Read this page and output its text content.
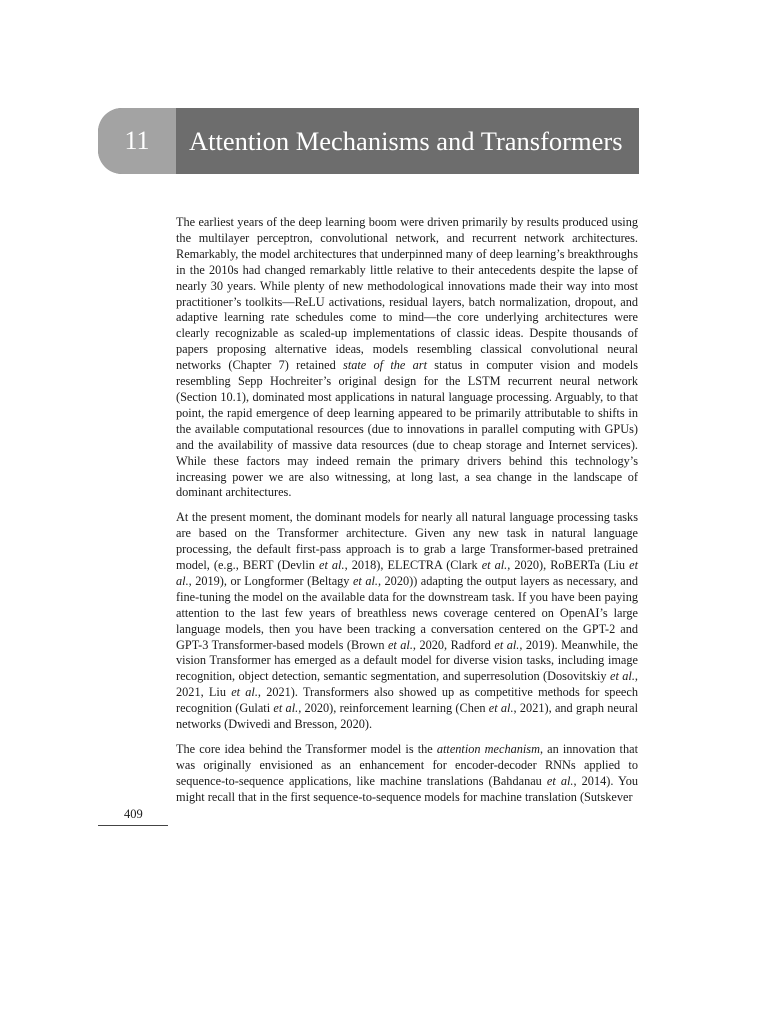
11	Attention Mechanisms and Transformers

The earliest years of the deep learning boom were driven primarily by results produced using the multilayer perceptron, convolutional network, and recurrent network architectures. Remarkably, the model architectures that underpinned many of deep learning’s breakthroughs in the 2010s had changed remarkably little relative to their antecedents despite the lapse of nearly 30 years. While plenty of new methodological innovations made their way into most practitioner’s toolkits—ReLU activations, residual layers, batch normalization, dropout, and adaptive learning rate schedules come to mind—the core underlying architectures were clearly recognizable as scaled-up implementations of classic ideas. Despite thousands of papers proposing alternative ideas, models resembling classical convolutional neural networks (Chapter 7) retained state of the art status in computer vision and models resembling Sepp Hochreiter’s original design for the LSTM recurrent neural network (Section 10.1), dominated most applications in natural language processing. Arguably, to that point, the rapid emergence of deep learning appeared to be primarily attributable to shifts in the available computational resources (due to innovations in parallel computing with GPUs) and the availability of massive data resources (due to cheap storage and Internet services). While these factors may indeed remain the primary drivers behind this technology’s increasing power we are also witnessing, at long last, a sea change in the landscape of dominant architectures.

At the present moment, the dominant models for nearly all natural language processing tasks are based on the Transformer architecture. Given any new task in natural language processing, the default first-pass approach is to grab a large Transformer-based pretrained model, (e.g., BERT (Devlin et al., 2018), ELECTRA (Clark et al., 2020), RoBERTa (Liu et al., 2019), or Longformer (Beltagy et al., 2020)) adapting the output layers as necessary, and fine-tuning the model on the available data for the downstream task. If you have been paying attention to the last few years of breathless news coverage centered on OpenAI’s large language models, then you have been tracking a conversation centered on the GPT-2 and GPT-3 Transformer-based models (Brown et al., 2020, Radford et al., 2019). Meanwhile, the vision Transformer has emerged as a default model for diverse vision tasks, including image recognition, object detection, semantic segmentation, and superresolution (Dosovitskiy et al., 2021, Liu et al., 2021). Transformers also showed up as competitive methods for speech recognition (Gulati et al., 2020), reinforcement learning (Chen et al., 2021), and graph neural networks (Dwivedi and Bresson, 2020).

The core idea behind the Transformer model is the attention mechanism, an innovation that was originally envisioned as an enhancement for encoder-decoder RNNs applied to sequence-to-sequence applications, like machine translations (Bahdanau et al., 2014). You might recall that in the first sequence-to-sequence models for machine translation (Sutskever

409
